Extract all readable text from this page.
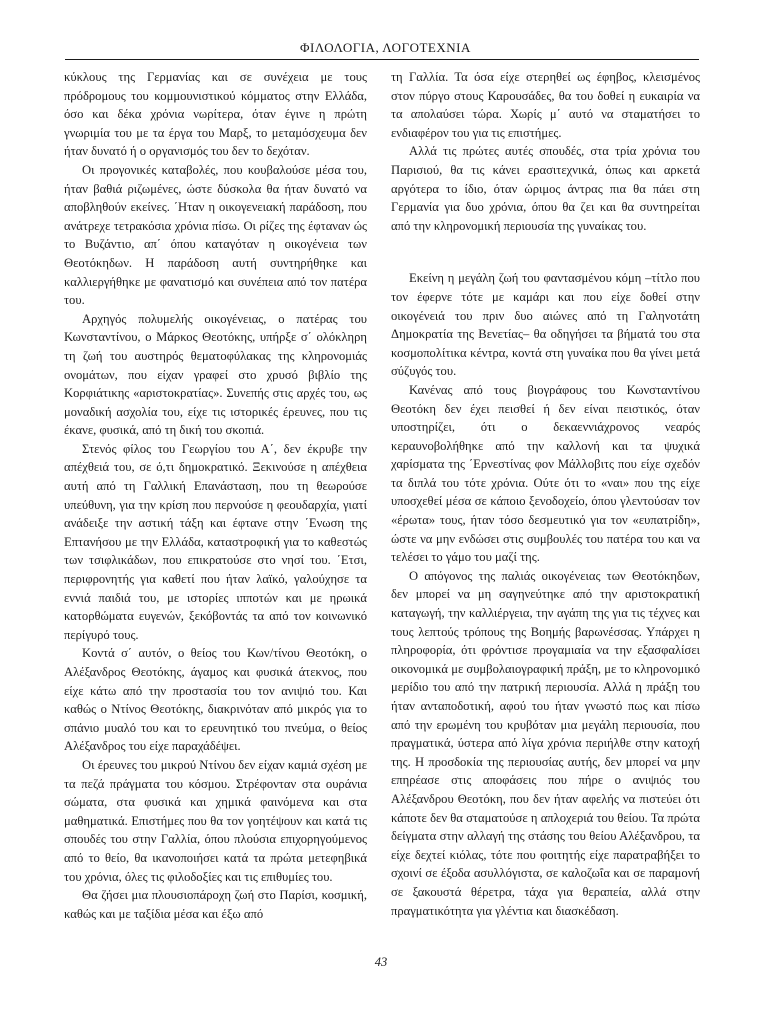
ΦΙΛΟΛΟΓΙΑ, ΛΟΓΟΤΕΧΝΙΑ

κύκλους της Γερμανίας και σε συνέχεια με τους πρόδρομους του κομμουνιστικού κόμματος στην Ελλάδα, όσο και δέκα χρόνια νωρίτερα, όταν έγινε η πρώτη γνωριμία του με τα έργα του Μαρξ, το μεταμόσχευμα δεν ήταν δυνατό ή ο οργανισμός του δεν το δεχόταν.

Οι προγονικές καταβολές, που κουβαλούσε μέσα του, ήταν βαθιά ριζωμένες, ώστε δύσκολα θα ήταν δυνατό να αποβληθούν εκείνες. ΄Ηταν η οικογενειακή παράδοση, που ανάτρεχε τετρακόσια χρόνια πίσω. Οι ρίζες της έφταναν ώς το Βυζάντιο, απ΄ όπου καταγόταν η οικογένεια των Θεοτόκηδων. Η παράδοση αυτή συντηρήθηκε και καλλιεργήθηκε με φανατισμό και συνέπεια από τον πατέρα του.

Αρχηγός πολυμελής οικογένειας, ο πατέρας του Κωνσταντίνου, ο Μάρκος Θεοτόκης, υπήρξε σ΄ ολόκληρη τη ζωή του αυστηρός θεματοφύλακας της κληρονομιάς ονομάτων, που είχαν γραφεί στο χρυσό βιβλίο της Κορφιάτικης «αριστοκρατίας». Συνεπής στις αρχές του, ως μοναδική ασχολία του, είχε τις ιστορικές έρευνες, που τις έκανε, φυσικά, από τη δική του σκοπιά.

Στενός φίλος του Γεωργίου του Α΄, δεν έκρυβε την απέχθειά του, σε ό,τι δημοκρατικό. Ξεκινούσε η απέχθεια αυτή από τη Γαλλική Επανάσταση, που τη θεωρούσε υπεύθυνη, για την κρίση που περνούσε η φεουδαρχία, γιατί ανάδειξε την αστική τάξη και έφτανε στην ΄Ενωση της Επτανήσου με την Ελλάδα, καταστροφική για το καθεστώς των τσιφλικάδων, που επικρατούσε στο νησί του. ΄Ετσι, περιφρονητής για καθετί που ήταν λαϊκό, γαλούχησε τα εννιά παιδιά του, με ιστορίες ιπποτών και με ηρωικά κατορθώματα ευγενών, ξεκόβοντάς τα από τον κοινωνικό περίγυρό τους.

Κοντά σ΄ αυτόν, ο θείος του Κων/τίνου Θεοτόκη, ο Αλέξανδρος Θεοτόκης, άγαμος και φυσικά άτεκνος, που είχε κάτω από την προστασία του τον ανιψιό του. Και καθώς ο Ντίνος Θεοτόκης, διακρινόταν από μικρός για το σπάνιο μυαλό του και το ερευνητικό του πνεύμα, ο θείος Αλέξανδρος του είχε παραχάδέψει.

Οι έρευνες του μικρού Ντίνου δεν είχαν καμιά σχέση με τα πεζά πράγματα του κόσμου. Στρέφονταν στα ουράνια σώματα, στα φυσικά και χημικά φαινόμενα και στα μαθηματικά. Επιστήμες που θα τον γοητέψουν και κατά τις σπουδές του στην Γαλλία, όπου πλούσια επιχορηγούμενος από το θείο, θα ικανοποιήσει κατά τα πρώτα μετεφηβικά του χρόνια, όλες τις φιλοδοξίες και τις επιθυμίες του.

Θα ζήσει μια πλουσιοπάροχη ζωή στο Παρίσι, κοσμική, καθώς και με ταξίδια μέσα και έξω από

τη Γαλλία. Τα όσα είχε στερηθεί ως έφηβος, κλεισμένος στον πύργο στους Καρουσάδες, θα του δοθεί η ευκαιρία να τα απολαύσει τώρα. Χωρίς μ΄ αυτό να σταματήσει το ενδιαφέρον του για τις επιστήμες.

Αλλά τις πρώτες αυτές σπουδές, στα τρία χρόνια του Παρισιού, θα τις κάνει ερασιτεχνικά, όπως και αρκετά αργότερα το ίδιο, όταν ώριμος άντρας πια θα πάει στη Γερμανία για δυο χρόνια, όπου θα ζει και θα συντηρείται από την κληρονομική περιουσία της γυναίκας του.

Εκείνη η μεγάλη ζωή του φαντασμένου κόμη –τίτλο που τον έφερνε τότε με καμάρι και που είχε δοθεί στην οικογένειά του πριν δυο αιώνες από τη Γαληνοτάτη Δημοκρατία της Βενετίας– θα οδηγήσει τα βήματά του στα κοσμοπολίτικα κέντρα, κοντά στη γυναίκα που θα γίνει μετά σύζυγός του.

Κανένας από τους βιογράφους του Κωνσταντίνου Θεοτόκη δεν έχει πεισθεί ή δεν είναι πειστικός, όταν υποστηρίζει, ότι ο δεκαεννιάχρονος νεαρός κεραυνοβολήθηκε από την καλλονή και τα ψυχικά χαρίσματα της ΄Ερνεστίνας φον Μάλλοβιτς που είχε σχεδόν τα διπλά του τότε χρόνια. Ούτε ότι το «ναι» που της είχε υποσχεθεί μέσα σε κάποιο ξενοδοχείο, όπου γλεντούσαν τον «έρωτα» τους, ήταν τόσο δεσμευτικό για τον «ευπατρίδη», ώστε να μην ενδώσει στις συμβουλές του πατέρα του και να τελέσει το γάμο του μαζί της.

Ο απόγονος της παλιάς οικογένειας των Θεοτόκηδων, δεν μπορεί να μη σαγηνεύτηκε από την αριστοκρατική καταγωγή, την καλλιέργεια, την αγάπη της για τις τέχνες και τους λεπτούς τρόπους της Βοημής βαρωνέσσας. Υπάρχει η πληροφορία, ότι φρόντισε προγαμιαία να την εξασφαλίσει οικονομικά με συμβολαιογραφική πράξη, με το κληρονομικό μερίδιο του από την πατρική περιουσία. Αλλά η πράξη του ήταν ανταποδοτική, αφού του ήταν γνωστό πως και πίσω από την ερωμένη του κρυβόταν μια μεγάλη περιουσία, που πραγματικά, ύστερα από λίγα χρόνια περιήλθε στην κατοχή της. Η προσδοκία της περιουσίας αυτής, δεν μπορεί να μην επηρέασε στις αποφάσεις που πήρε ο ανιψιός του Αλέξανδρου Θεοτόκη, που δεν ήταν αφελής να πιστεύει ότι κάποτε δεν θα σταματούσε η απλοχεριά του θείου. Τα πρώτα δείγματα στην αλλαγή της στάσης του θείου Αλέξανδρου, τα είχε δεχτεί κιόλας, τότε που φοιτητής είχε παρατραβήξει το σχοινί σε έξοδα ασυλλόγιστα, σε καλοζωΐα και σε παραμονή σε ξακουστά θέρετρα, τάχα για θεραπεία, αλλά στην πραγματικότητα για γλέντια και διασκέδαση.

43
